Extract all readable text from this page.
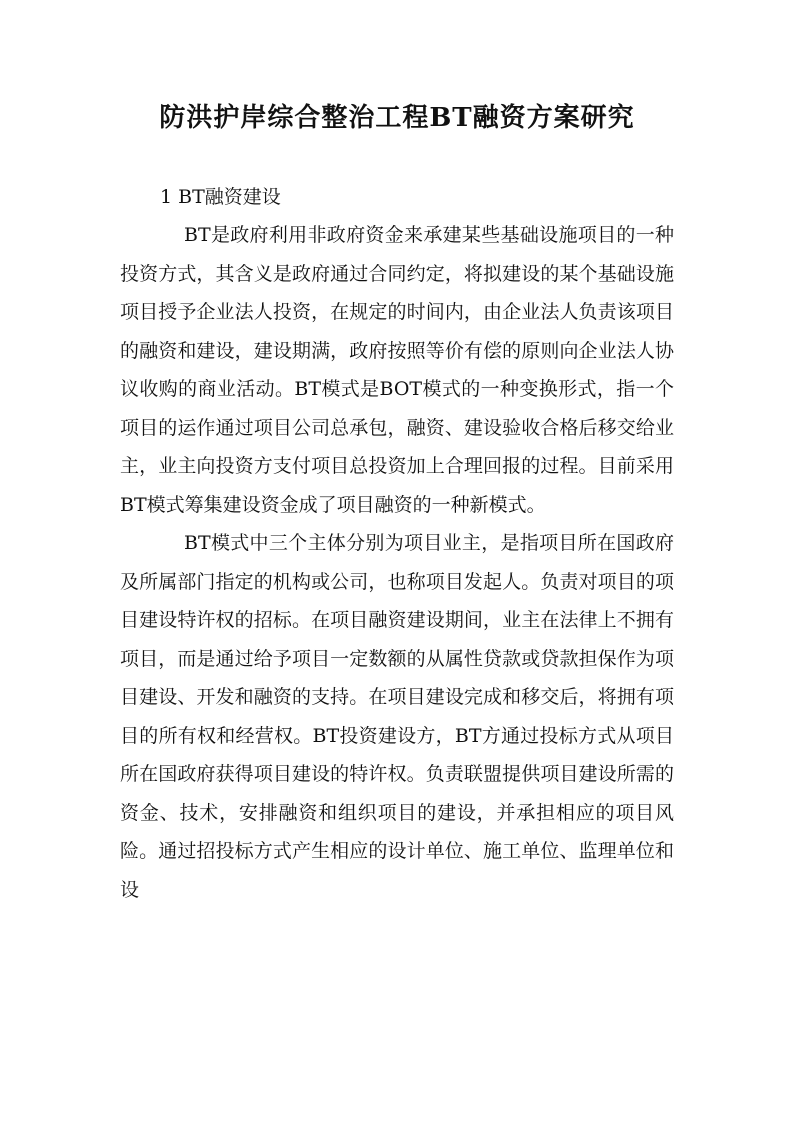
防洪护岸综合整治工程BT融资方案研究

1 BT融资建设

BT是政府利用非政府资金来承建某些基础设施项目的一种投资方式，其含义是政府通过合同约定，将拟建设的某个基础设施项目授予企业法人投资，在规定的时间内，由企业法人负责该项目的融资和建设，建设期满，政府按照等价有偿的原则向企业法人协议收购的商业活动。BT模式是BOT模式的一种变换形式，指一个项目的运作通过项目公司总承包，融资、建设验收合格后移交给业主，业主向投资方支付项目总投资加上合理回报的过程。目前采用BT模式筹集建设资金成了项目融资的一种新模式。

BT模式中三个主体分别为项目业主，是指项目所在国政府及所属部门指定的机构或公司，也称项目发起人。负责对项目的项目建设特许权的招标。在项目融资建设期间，业主在法律上不拥有项目，而是通过给予项目一定数额的从属性贷款或贷款担保作为项目建设、开发和融资的支持。在项目建设完成和移交后，将拥有项目的所有权和经营权。BT投资建设方，BT方通过投标方式从项目所在国政府获得项目建设的特许权。负责联盟提供项目建设所需的资金、技术，安排融资和组织项目的建设，并承担相应的项目风险。通过招投标方式产生相应的设计单位、施工单位、监理单位和设
